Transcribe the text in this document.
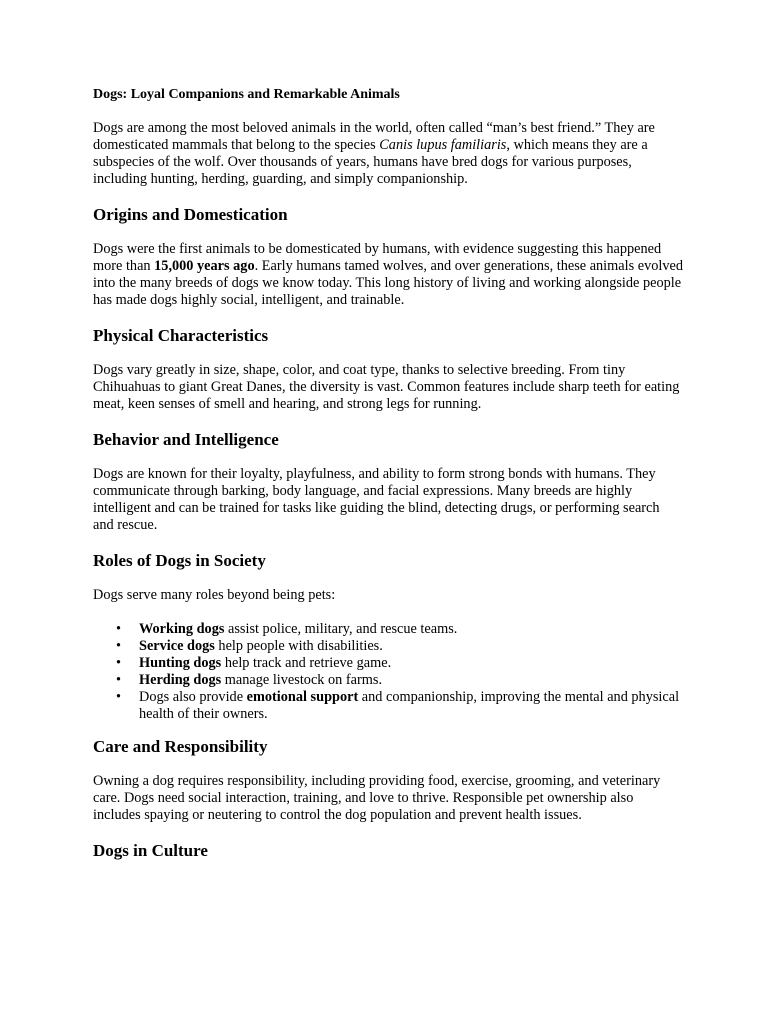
Dogs: Loyal Companions and Remarkable Animals

Dogs are among the most beloved animals in the world, often called “man’s best friend.” They are domesticated mammals that belong to the species Canis lupus familiaris, which means they are a subspecies of the wolf. Over thousands of years, humans have bred dogs for various purposes, including hunting, herding, guarding, and simply companionship.

Origins and Domestication

Dogs were the first animals to be domesticated by humans, with evidence suggesting this happened more than 15,000 years ago. Early humans tamed wolves, and over generations, these animals evolved into the many breeds of dogs we know today. This long history of living and working alongside people has made dogs highly social, intelligent, and trainable.

Physical Characteristics

Dogs vary greatly in size, shape, color, and coat type, thanks to selective breeding. From tiny Chihuahuas to giant Great Danes, the diversity is vast. Common features include sharp teeth for eating meat, keen senses of smell and hearing, and strong legs for running.

Behavior and Intelligence

Dogs are known for their loyalty, playfulness, and ability to form strong bonds with humans. They communicate through barking, body language, and facial expressions. Many breeds are highly intelligent and can be trained for tasks like guiding the blind, detecting drugs, or performing search and rescue.

Roles of Dogs in Society

Dogs serve many roles beyond being pets:

• Working dogs assist police, military, and rescue teams.
• Service dogs help people with disabilities.
• Hunting dogs help track and retrieve game.
• Herding dogs manage livestock on farms.
• Dogs also provide emotional support and companionship, improving the mental and physical health of their owners.
Care and Responsibility

Owning a dog requires responsibility, including providing food, exercise, grooming, and veterinary care. Dogs need social interaction, training, and love to thrive. Responsible pet ownership also includes spaying or neutering to control the dog population and prevent health issues.

Dogs in Culture
